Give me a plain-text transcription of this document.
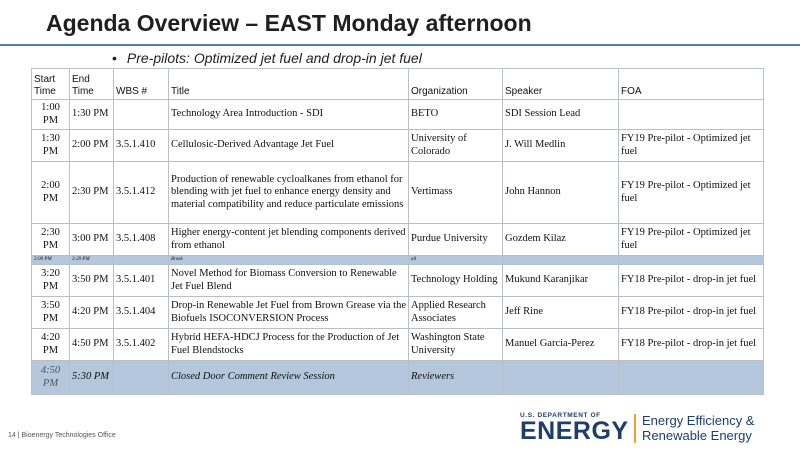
Agenda Overview – EAST Monday afternoon
• Pre-pilots: Optimized jet fuel and drop-in jet fuel
Start Time	End Time	WBS #	Title	Organization	Speaker	FOA
1:00 PM	1:30 PM		Technology Area Introduction - SDI	BETO	SDI Session Lead	
1:30 PM	2:00 PM	3.5.1.410	Cellulosic-Derived Advantage Jet Fuel	University of Colorado	J. Will Medlin	FY19 Pre-pilot - Optimized jet fuel
2:00 PM	2:30 PM	3.5.1.412	Production of renewable cycloalkanes from ethanol for blending with jet fuel to enhance energy density and material compatibility and reduce particulate emissions	Vertimass	John Hannon	FY19 Pre-pilot - Optimized jet fuel
2:30 PM	3:00 PM	3.5.1.408	Higher energy-content jet blending components derived from ethanol	Purdue University	Gozdem Kilaz	FY19 Pre-pilot - Optimized jet fuel
3:00 PM	3:20 PM		Break	all		
3:20 PM	3:50 PM	3.5.1.401	Novel Method for Biomass Conversion to Renewable Jet Fuel Blend	Technology Holding	Mukund Karanjikar	FY18 Pre-pilot - drop-in jet fuel
3:50 PM	4:20 PM	3.5.1.404	Drop-in Renewable Jet Fuel from Brown Grease via the Biofuels ISOCONVERSION Process	Applied Research Associates	Jeff Rine	FY18 Pre-pilot - drop-in jet fuel
4:20 PM	4:50 PM	3.5.1.402	Hybrid HEFA-HDCJ Process for the Production of Jet Fuel Blendstocks	Washington State University	Manuel Garcia-Perez	FY18 Pre-pilot - drop-in jet fuel
4:50 PM	5:30 PM		Closed Door Comment Review Session	Reviewers		
14 | Bioenergy Technologies Office
U.S. DEPARTMENT OF
ENERGY Energy Efficiency &
Renewable Energy
